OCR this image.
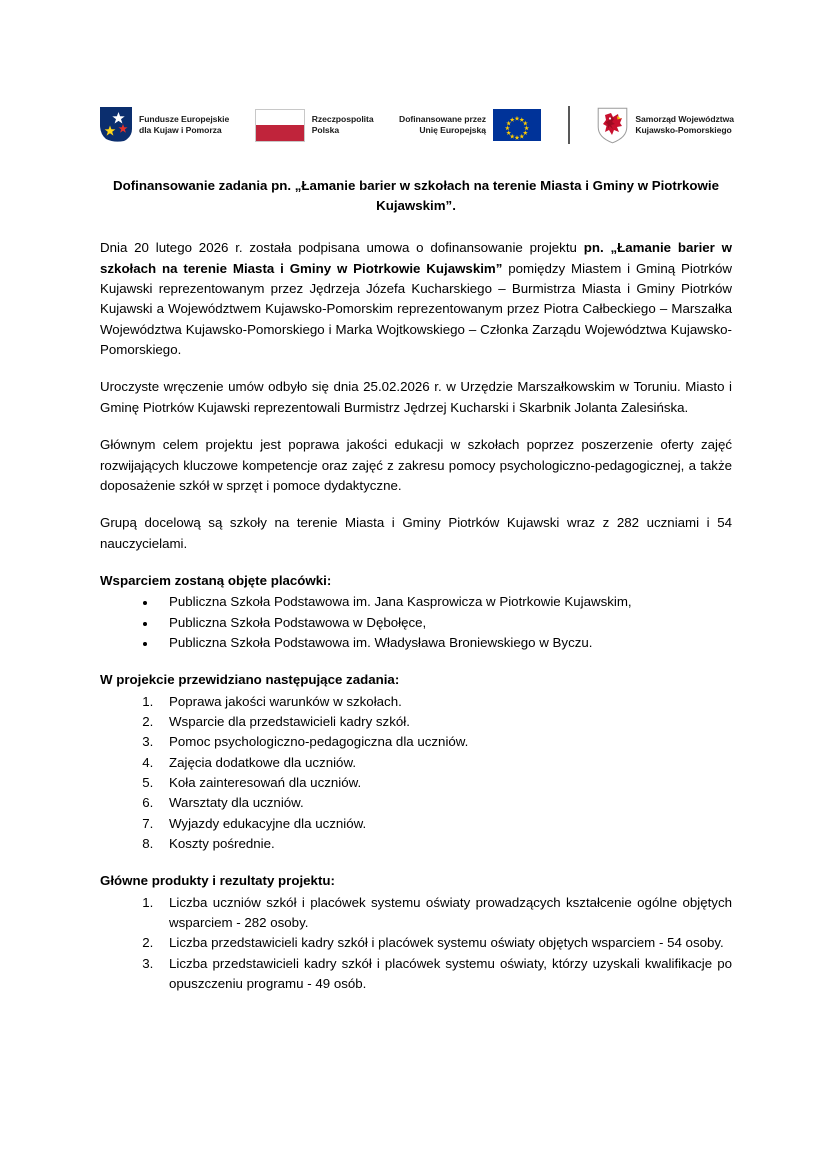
Fundusze Europejskie
dla Kujaw i Pomorza
Rzeczpospolita
Polska
Dofinansowane przez
Unię Europejską
Samorząd Województwa
Kujawsko-Pomorskiego
Dofinansowanie zadania pn. „Łamanie barier w szkołach na terenie Miasta i Gminy w Piotrkowie Kujawskim”.

Dnia 20 lutego 2026 r. została podpisana umowa o dofinansowanie projektu pn. „Łamanie barier w szkołach na terenie Miasta i Gminy w Piotrkowie Kujawskim” pomiędzy Miastem i Gminą Piotrków Kujawski reprezentowanym przez Jędrzeja Józefa Kucharskiego – Burmistrza Miasta i Gminy Piotrków Kujawski a Województwem Kujawsko-Pomorskim reprezentowanym przez Piotra Całbeckiego – Marszałka Województwa Kujawsko-Pomorskiego i Marka Wojtkowskiego – Członka Zarządu Województwa Kujawsko-Pomorskiego.

Uroczyste wręczenie umów odbyło się dnia 25.02.2026 r. w Urzędzie Marszałkowskim w Toruniu. Miasto i Gminę Piotrków Kujawski reprezentowali Burmistrz Jędrzej Kucharski i Skarbnik Jolanta Zalesińska.

Głównym celem projektu jest poprawa jakości edukacji w szkołach poprzez poszerzenie oferty zajęć rozwijających kluczowe kompetencje oraz zajęć z zakresu pomocy psychologiczno-pedagogicznej, a także doposażenie szkół w sprzęt i pomoce dydaktyczne.

Grupą docelową są szkoły na terenie Miasta i Gminy Piotrków Kujawski wraz z 282 uczniami i 54 nauczycielami.

Wsparciem zostaną objęte placówki:
• Publiczna Szkoła Podstawowa im. Jana Kasprowicza w Piotrkowie Kujawskim,
• Publiczna Szkoła Podstawowa w Dębołęce,
• Publiczna Szkoła Podstawowa im. Władysława Broniewskiego w Byczu.
W projekcie przewidziano następujące zadania:
1. Poprawa jakości warunków w szkołach.
2. Wsparcie dla przedstawicieli kadry szkół.
3. Pomoc psychologiczno-pedagogiczna dla uczniów.
4. Zajęcia dodatkowe dla uczniów.
5. Koła zainteresowań dla uczniów.
6. Warsztaty dla uczniów.
7. Wyjazdy edukacyjne dla uczniów.
8. Koszty pośrednie.
Główne produkty i rezultaty projektu:
1. Liczba uczniów szkół i placówek systemu oświaty prowadzących kształcenie ogólne objętych wsparciem - 282 osoby.
2. Liczba przedstawicieli kadry szkół i placówek systemu oświaty objętych wsparciem - 54 osoby.
3. Liczba przedstawicieli kadry szkół i placówek systemu oświaty, którzy uzyskali kwalifikacje po opuszczeniu programu - 49 osób.
